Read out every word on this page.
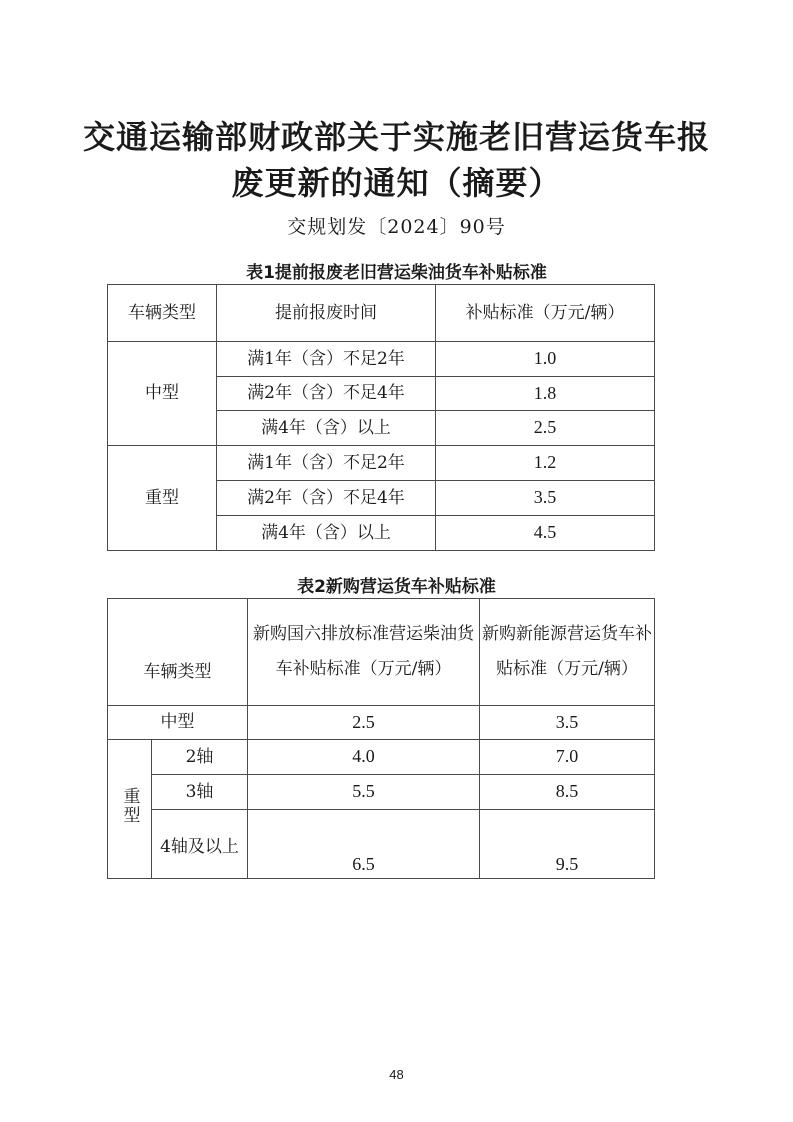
交通运输部财政部关于实施老旧营运货车报
废更新的通知（摘要）
交规划发〔2024〕90号
表1提前报废老旧营运柴油货车补贴标准
车辆类型	提前报废时间	补贴标准（万元/辆）
中型	满1年（含）不足2年	1.0
	满2年（含）不足4年	1.8
	满4年（含）以上	2.5
重型	满1年（含）不足2年	1.2
	满2年（含）不足4年	3.5
	满4年（含）以上	4.5
表2新购营运货车补贴标准
车辆类型		新购国六排放标准营运柴油货车补贴标准（万元/辆）	新购新能源营运货车补贴标准（万元/辆）
中型		2.5	3.5
重型	2轴	4.0	7.0
	3轴	5.5	8.5
	4轴及以上	6.5	9.5
48
